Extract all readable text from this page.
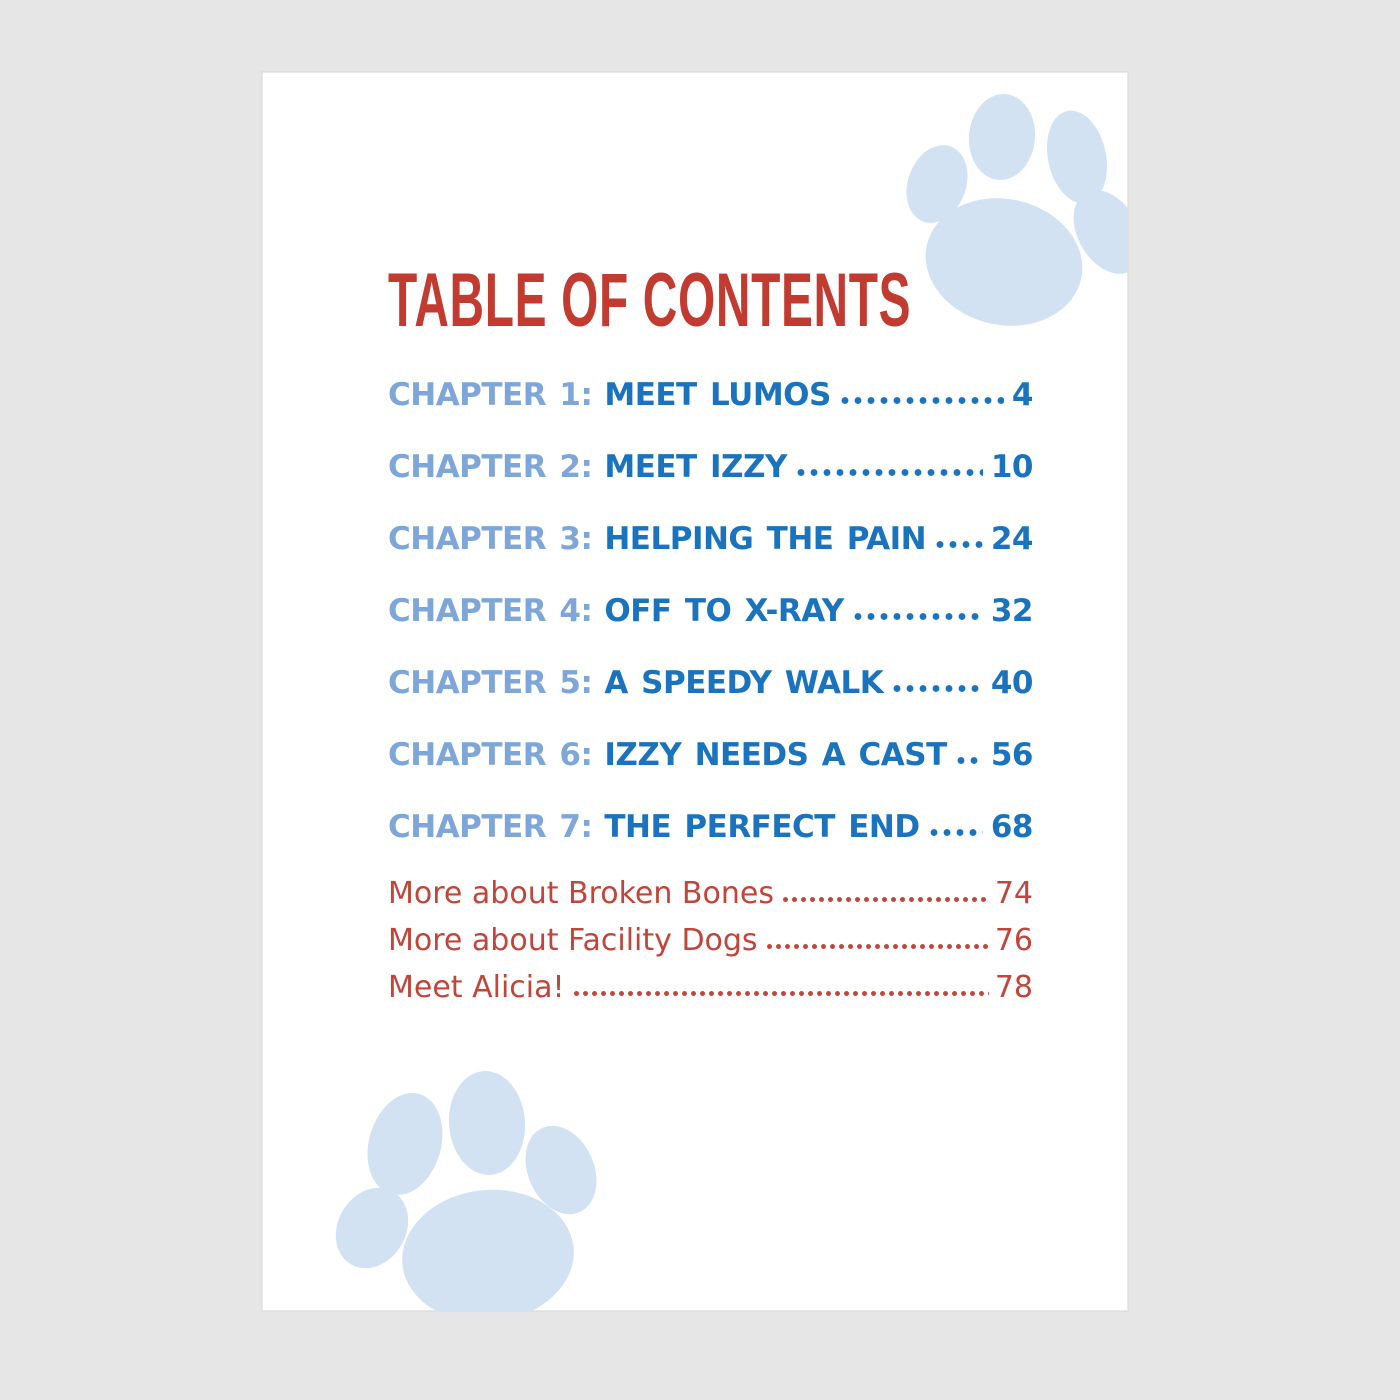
TABLE OF CONTENTS
CHAPTER 1: MEET LUMOS	4
CHAPTER 2: MEET IZZY	10
CHAPTER 3: HELPING THE PAIN 24
CHAPTER 4: OFF TO X-RAY	32
CHAPTER 5: A SPEEDY WALK	40
CHAPTER 6: IZZY NEEDS A CAST 56
CHAPTER 7: THE PERFECT END 68
More about Broken Bones	74
More about Facility Dogs	76
Meet Alicia!	78
